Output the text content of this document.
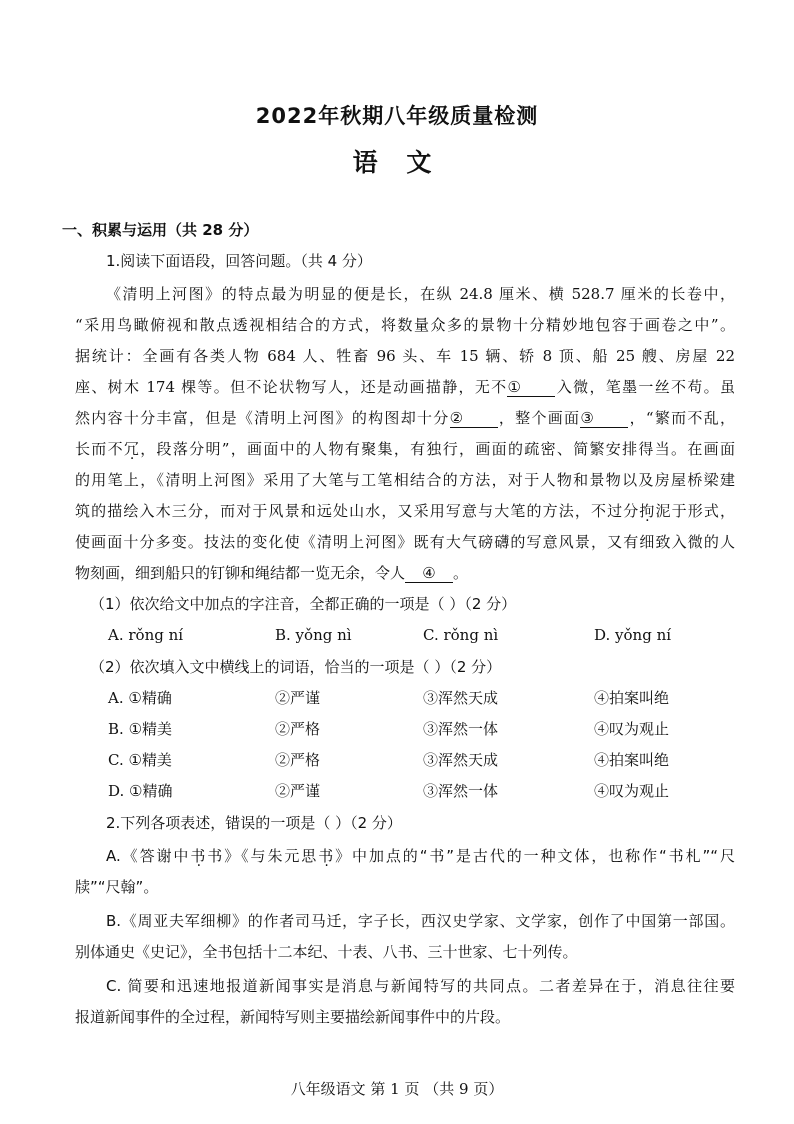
2022年秋期八年级质量检测
语 文
一、积累与运用（共 28 分）
1.阅读下面语段，回答问题。（共 4 分）
《清明上河图》的特点最为明显的便是长，在纵 24.8 厘米、横 528.7 厘米的长卷中，
“采用鸟瞰俯视和散点透视相结合的方式，将数量众多的景物十分精妙地包容于画卷之中”。
据统计：全画有各类人物 684 人、牲畜 96 头、车 15 辆、轿 8 顶、船 25 艘、房屋 22
座、树木 174 棵等。但不论状物写人，还是动画描静，无不① 入微，笔墨一丝不苟。虽
然内容十分丰富，但是《清明上河图》的构图却十分② ，整个画面③ ，“繁而不乱，
长而不冗，段落分明”，画面中的人物有聚集，有独行，画面的疏密、简繁安排得当。在画面
的用笔上，《清明上河图》采用了大笔与工笔相结合的方法，对于人物和景物以及房屋桥梁建
筑的描绘入木三分，而对于风景和远处山水，又采用写意与大笔的方法，不过分拘泥于形式，
使画面十分多变。技法的变化使《清明上河图》既有大气磅礴的写意风景，又有细致入微的人
物刻画，细到船只的钉铆和绳结都一览无余，令人 ④ 。
（1）依次给文中加点的字注音，全都正确的一项是（ ）（2 分）
A. rǒng ní	B. yǒng nì	C. rǒng nì	D. yǒng ní
（2）依次填入文中横线上的词语，恰当的一项是（ ）（2 分）
A. ①精确	②严谨	③浑然天成	④拍案叫绝
B. ①精美	②严格	③浑然一体	④叹为观止
C. ①精美	②严格	③浑然天成	④拍案叫绝
D. ①精确	②严谨	③浑然一体	④叹为观止
2.下列各项表述，错误的一项是（ ）（2 分）
A.《答谢中书书》《与朱元思书》中加点的“书”是古代的一种文体，也称作“书札”“尺
牍”“尺翰”。
B.《周亚夫军细柳》的作者司马迁，字子长，西汉史学家、文学家，创作了中国第一部国。
别体通史《史记》，全书包括十二本纪、十表、八书、三十世家、七十列传。
C. 简要和迅速地报道新闻事实是消息与新闻特写的共同点。二者差异在于，消息往往要
报道新闻事件的全过程，新闻特写则主要描绘新闻事件中的片段。
八年级语文 第 1 页 （共 9 页）
